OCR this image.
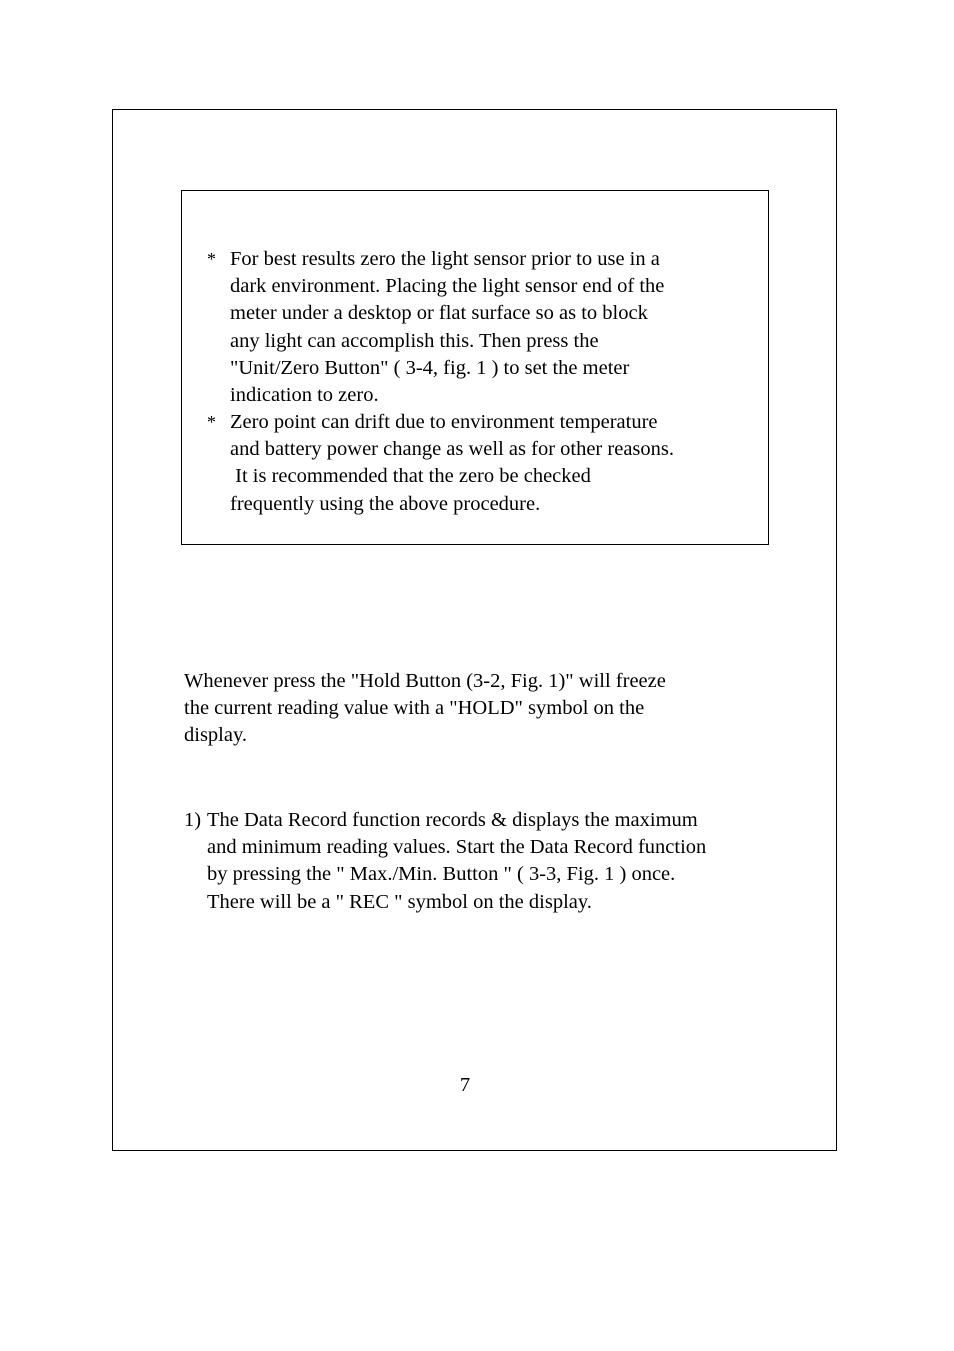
* For best results zero the light sensor prior to use in a
dark environment. Placing the light sensor end of the
meter under a desktop or flat surface so as to block
any light can accomplish this. Then press the
"Unit/Zero Button" ( 3-4, fig. 1 ) to set the meter
indication to zero.
* Zero point can drift due to environment temperature
and battery power change as well as for other reasons.
It is recommended that the zero be checked
frequently using the above procedure.
Whenever press the "Hold Button (3-2, Fig. 1)" will freeze
the current reading value with a "HOLD" symbol on the
display.
1) The Data Record function records & displays the maximum
and minimum reading values. Start the Data Record function
by pressing the " Max./Min. Button " ( 3-3, Fig. 1 ) once.
There will be a " REC " symbol on the display.
7
